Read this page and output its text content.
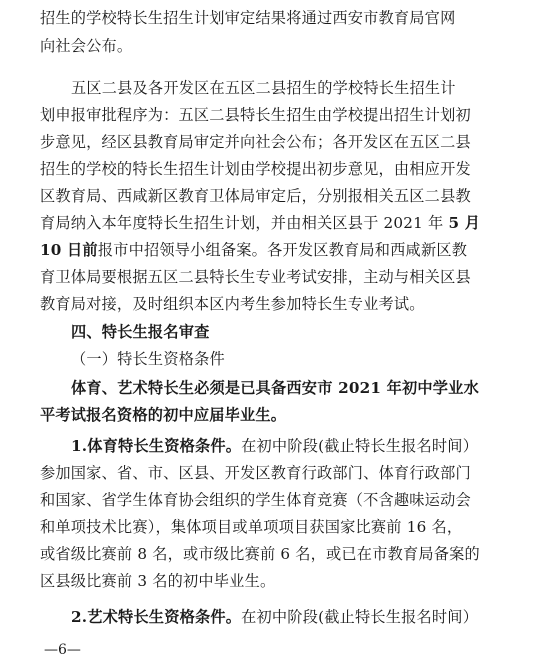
招生的学校特长生招生计划审定结果将通过西安市教育局官网
向社会公布。
五区二县及各开发区在五区二县招生的学校特长生招生计
划申报审批程序为：五区二县特长生招生由学校提出招生计划初
步意见，经区县教育局审定并向社会公布；各开发区在五区二县
招生的学校的特长生招生计划由学校提出初步意见，由相应开发
区教育局、西咸新区教育卫体局审定后，分别报相关五区二县教
育局纳入本年度特长生招生计划，并由相关区县于 2021 年 5 月
10 日前报市中招领导小组备案。各开发区教育局和西咸新区教
育卫体局要根据五区二县特长生专业考试安排，主动与相关区县
教育局对接，及时组织本区内考生参加特长生专业考试。
四、特长生报名审查
（一）特长生资格条件
体育、艺术特长生必须是已具备西安市 2021 年初中学业水
平考试报名资格的初中应届毕业生。
1.体育特长生资格条件。在初中阶段(截止特长生报名时间）
参加国家、省、市、区县、开发区教育行政部门、体育行政部门
和国家、省学生体育协会组织的学生体育竞赛（不含趣味运动会
和单项技术比赛），集体项目或单项项目获国家比赛前 16 名，
—6—
或省级比赛前 8 名，或市级比赛前 6 名，或已在市教育局备案的
区县级比赛前 3 名的初中毕业生。
2.艺术特长生资格条件。在初中阶段(截止特长生报名时间）
